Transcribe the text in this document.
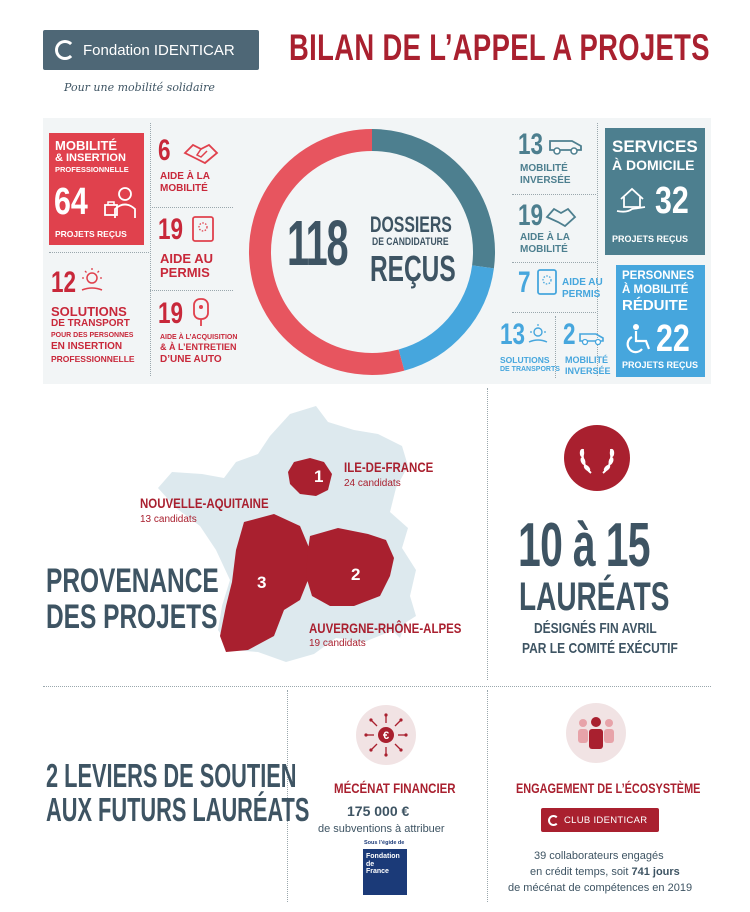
Fondation IDENTICAR
Pour une mobilité solidaire
BILAN DE L’APPEL A PROJETS
MOBILITÉ
& INSERTION
PROFESSIONNELLE
64
PROJETS REÇUS
6
AIDE À LA
MOBILITÉ
19
AIDE AU
PERMIS
19
AIDE À L’ACQUISITION
& À L’ENTRETIEN
D’UNE AUTO
12
SOLUTIONS
DE TRANSPORT
POUR DES PERSONNES
EN INSERTION
PROFESSIONNELLE
118 DOSSIERS
DE CANDIDATURE
REÇUS
13
MOBILITÉ
INVERSÉE
19
AIDE À LA
MOBILITÉ
7	AIDE AU
PERMIS
13
SOLUTIONS
DE TRANSPORTS
2
MOBILITÉ
INVERSÉE
SERVICES
À DOMICILE
32
PROJETS REÇUS
PERSONNES
À MOBILITÉ
RÉDUITE
22
PROJETS REÇUS
1
2
3
ILE-DE-FRANCE
24 candidats
NOUVELLE-AQUITAINE
13 candidats
AUVERGNE-RHÔNE-ALPES
19 candidats
PROVENANCE
DES PROJETS
10 à 15
LAURÉATS
DÉSIGNÉS FIN AVRIL
PAR LE COMITÉ EXÉCUTIF
2 LEVIERS DE SOUTIEN
AUX FUTURS LAURÉATS
€
MÉCÉNAT FINANCIER
175 000 €
de subventions à attribuer
Sous l’égide de
Fondation
de
France
ENGAGEMENT DE L’ÉCOSYSTÈME
CLUB IDENTICAR
39 collaborateurs engagés
en crédit temps, soit 741 jours
de mécénat de compétences en 2019
